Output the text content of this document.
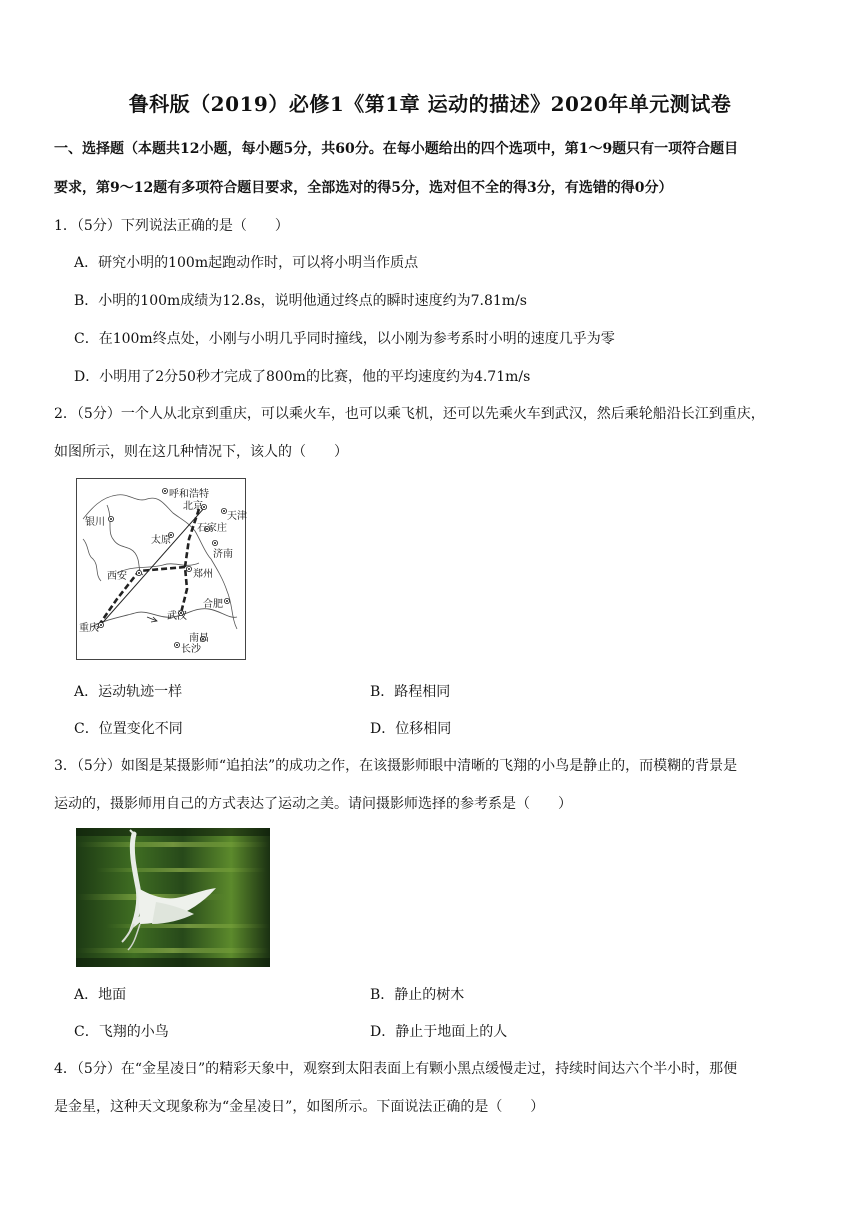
鲁科版（2019）必修1《第1章 运动的描述》2020年单元测试卷
一、选择题（本题共12小题，每小题5分，共60分。在每小题给出的四个选项中，第1～9题只有一项符合题目
要求，第9～12题有多项符合题目要求，全部选对的得5分，选对但不全的得3分，有选错的得0分）
1．（5分）下列说法正确的是（　　）
A．研究小明的100m起跑动作时，可以将小明当作质点
B．小明的100m成绩为12.8s，说明他通过终点的瞬时速度约为7.81m/s
C．在100m终点处，小刚与小明几乎同时撞线，以小刚为参考系时小明的速度几乎为零
D．小明用了2分50秒才完成了800m的比赛，他的平均速度约为4.71m/s
2．（5分）一个人从北京到重庆，可以乘火车，也可以乘飞机，还可以先乘火车到武汉，然后乘轮船沿长江到重庆，
如图所示，则在这几种情况下，该人的（　　）
呼和浩特
北京
天津
银川
太原
石家庄
济南
西安	郑州
合肥
武汉
重庆
南昌
长沙
A．运动轨迹一样	B．路程相同
C．位置变化不同	D．位移相同
3．（5分）如图是某摄影师“追拍法”的成功之作，在该摄影师眼中清晰的飞翔的小鸟是静止的，而模糊的背景是
运动的，摄影师用自己的方式表达了运动之美。请问摄影师选择的参考系是（　　）
A．地面	B．静止的树木
C．飞翔的小鸟	D．静止于地面上的人
4．（5分）在“金星凌日”的精彩天象中，观察到太阳表面上有颗小黑点缓慢走过，持续时间达六个半小时，那便
是金星，这种天文现象称为“金星凌日”，如图所示。下面说法正确的是（　　）
